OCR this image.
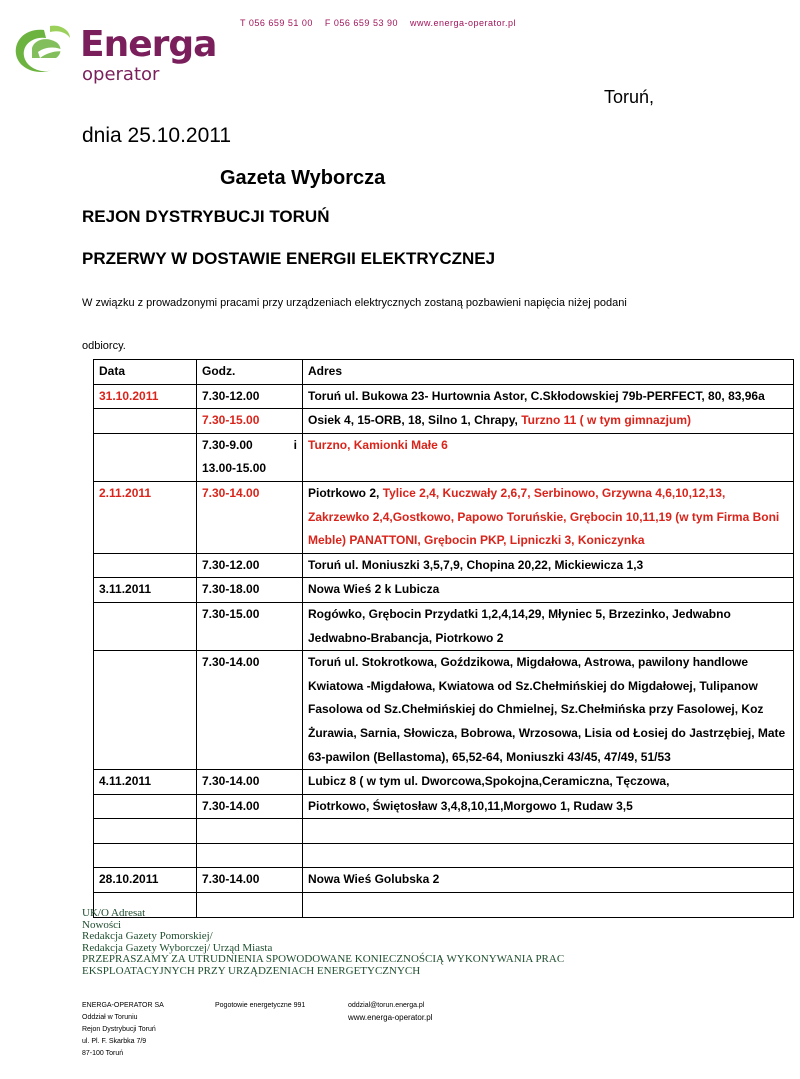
Energa
operator
T 056 659 51 00 F 056 659 53 90 www.energa-operator.pl
Toruń,
dnia 25.10.2011
Gazeta Wyborcza
REJON DYSTRYBUCJI TORUŃ
PRZERWY W DOSTAWIE ENERGII ELEKTRYCZNEJ
W związku z prowadzonymi pracami przy urządzeniach elektrycznych zostaną pozbawieni napięcia niżej podani
odbiorcy.
Data	Godz.	Adres
31.10.2011	7.30-12.00	Toruń ul. Bukowa 23- Hurtownia Astor, C.Skłodowskiej 79b-PERFECT, 80, 83,96a
	7.30-15.00	Osiek 4, 15-ORB, 18, Silno 1, Chrapy, Turzno 11 ( w tym gimnazjum)

	7.30-9.00 i
13.00-15.00	Turzno, Kamionki Małe 6
2.11.2011	7.30-14.00	Piotrkowo 2, Tylice 2,4, Kuczwały 2,6,7, Serbinowo, Grzywna 4,6,10,12,13,
Zakrzewko 2,4,Gostkowo, Papowo Toruńskie, Grębocin 10,11,19 (w tym Firma Boni
Meble) PANATTONI, Grębocin PKP, Lipniczki 3, Koniczynka

	7.30-12.00	Toruń ul. Moniuszki 3,5,7,9, Chopina 20,22, Mickiewicza 1,3
3.11.2011	7.30-18.00	Nowa Wieś 2 k Lubicza
	7.30-15.00	Rogówko, Grębocin Przydatki 1,2,4,14,29, Młyniec 5, Brzezinko, Jedwabno
Jedwabno-Brabancja, Piotrkowo 2

	7.30-14.00	Toruń ul. Stokrotkowa, Goździkowa, Migdałowa, Astrowa, pawilony handlowe
Kwiatowa -Migdałowa, Kwiatowa od Sz.Chełmińskiej do Migdałowej, Tulipanow
Fasolowa od Sz.Chełmińskiej do Chmielnej, Sz.Chełmińska przy Fasolowej, Koz
Żurawia, Sarnia, Słowicza, Bobrowa, Wrzosowa, Lisia od Łosiej do Jastrzębiej, Mate
63-pawilon (Bellastoma), 65,52-64, Moniuszki 43/45, 47/49, 51/53

4.11.2011	7.30-14.00	Lubicz 8 ( w tym ul. Dworcowa,Spokojna,Ceramiczna, Tęczowa,
	7.30-14.00	Piotrkowo, Świętosław 3,4,8,10,11,Morgowo 1, Rudaw 3,5

28.10.2011	7.30-14.00	Nowa Wieś Golubska 2

UK/O Adresat
Nowości
Redakcja Gazety Pomorskiej/
Redakcja Gazety Wyborczej/ Urząd Miasta
PRZEPRASZAMY ZA UTRUDNIENIA SPOWODOWANE KONIECZNOŚCIĄ WYKONYWANIA PRAC
EKSPLOATACYJNYCH PRZY URZĄDZENIACH ENERGETYCZNYCH
ENERGA-OPERATOR SA
Oddział w Toruniu
Rejon Dystrybucji Toruń
ul. Pl. F. Skarbka 7/9
87-100 Toruń
Pogotowie energetyczne 991	oddzial@torun.energa.pl
www.energa-operator.pl
